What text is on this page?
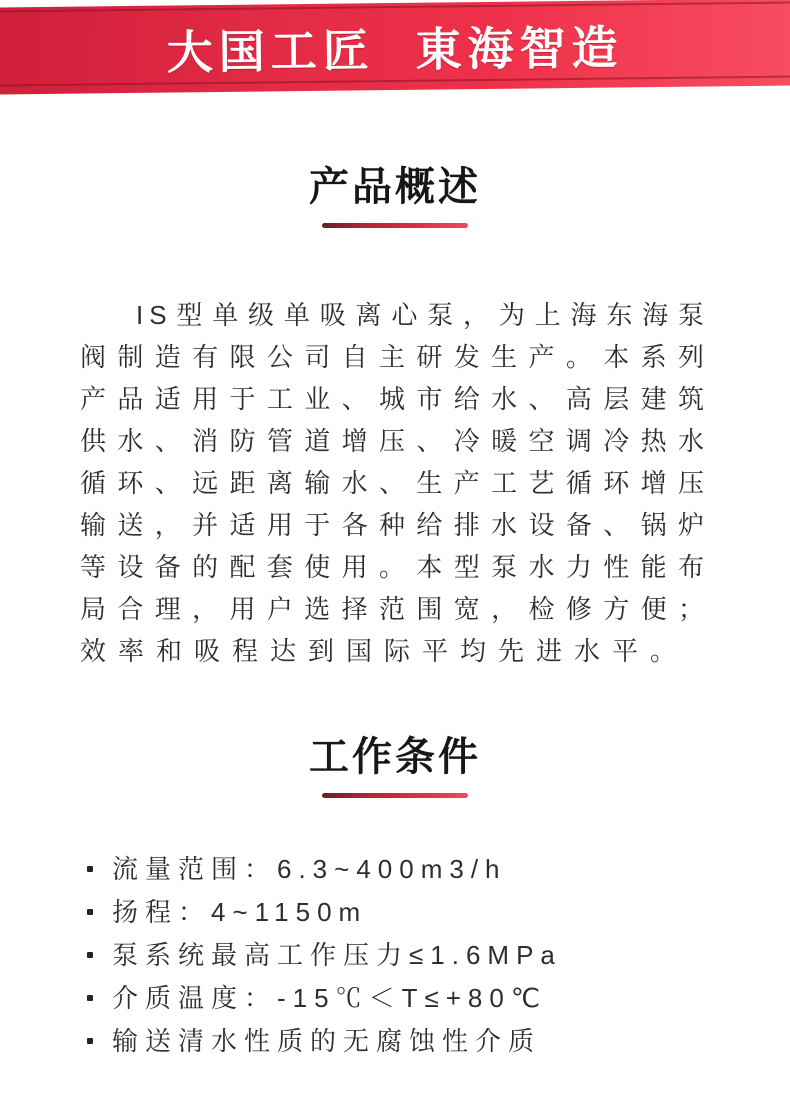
大国工匠 東海智造
产品概述
IS型单级单吸离心泵，为上海东海泵
阀制造有限公司自主研发生产。本系列
产品适用于工业、城市给水、高层建筑
供水、消防管道增压、冷暖空调冷热水
循环、远距离输水、生产工艺循环增压
输送，并适用于各种给排水设备、锅炉
等设备的配套使用。本型泵水力性能布
局合理，用户选择范围宽，检修方便；
效率和吸程达到国际平均先进水平。
工作条件
流量范围：6.3~400m3/h
扬程：4~1150m
泵系统最高工作压力≤1.6MPa
介质温度：-15℃＜T≤+80℃
输送清水性质的无腐蚀性介质
